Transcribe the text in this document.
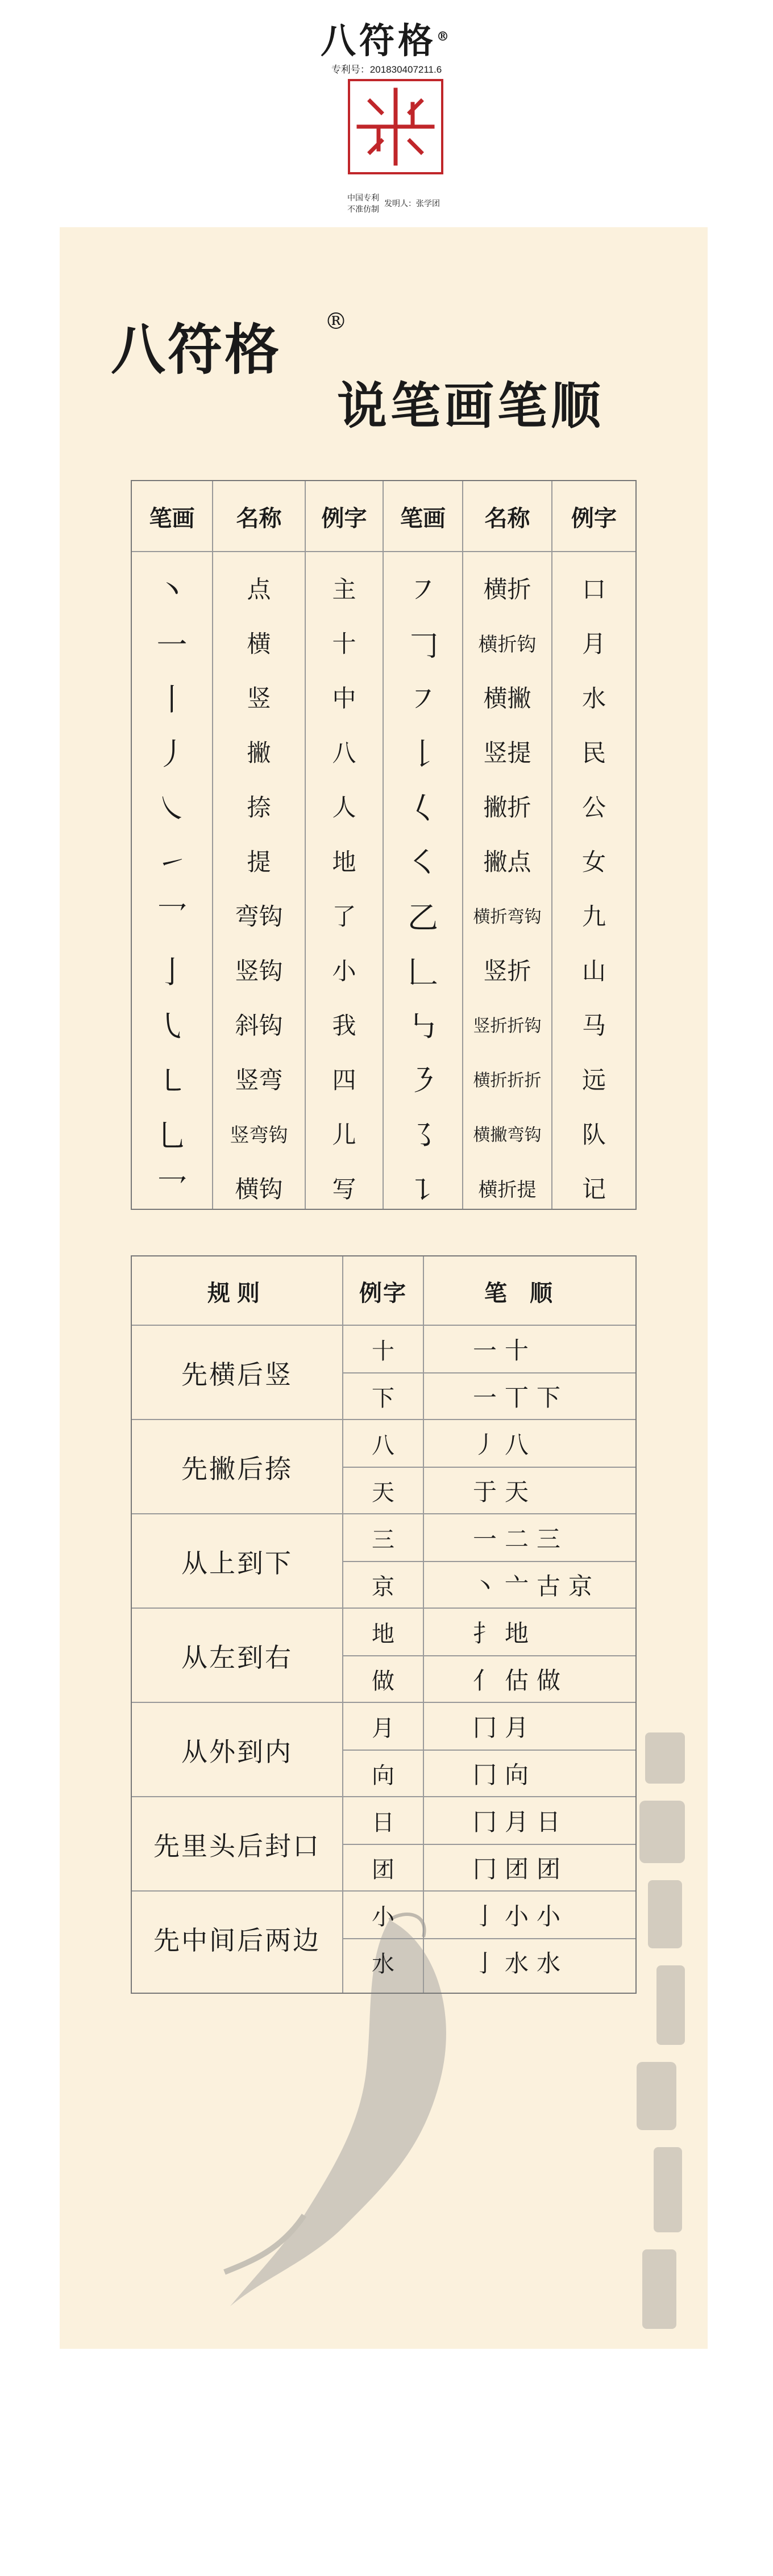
八符格®
专利号：201830407211.6
中国专利
不准仿制
发明人：张学团
八符格 ®
说笔画笔顺
笔画	名称	例字	笔画	名称	例字
丶	点	主	㇇	横折	口
一	横	十	𠃌	横折钩	月
丨	竖	中	㇇	横撇	水
丿	撇	八	𠄌	竖提	民
㇏	捺	人	𡿨	撇折	公
㇀	提	地	㇛	撇点	女
乛	弯钩	了	乙	横折弯钩	九
亅	竖钩	小	𠃊	竖折	山
㇂	斜钩	我	㇉	竖折折钩	马
㇄	竖弯	四	㇋	横折折折	远
乚	竖弯钩	儿	㇌	横撇弯钩	队
乛	横钩	写	㇊	横折提	记
规则	例字	笔顺
先横后竖
十	一十
下	一丅下
先撇后捺
八	丿八
天	于天
从上到下
三	一二三
京	丶亠古京
从左到右
地	扌地
做	亻估做
从外到内
月	冂月
向	冂向
先里头后封口
日	冂月日
团	冂团团
先中间后两边
小	亅小小
水	亅水水
